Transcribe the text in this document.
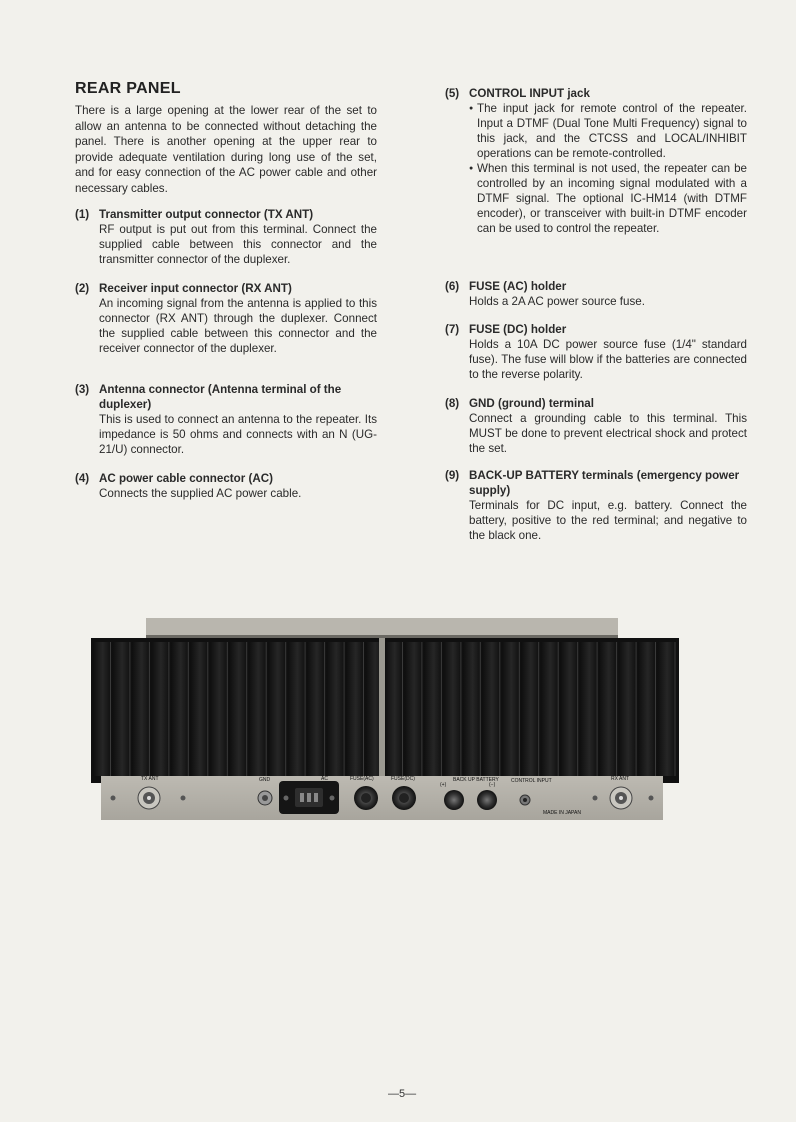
REAR PANEL

There is a large opening at the lower rear of the set to allow an antenna to be connected without detaching the panel. There is another opening at the upper rear to provide adequate ventilation during long use of the set, and for easy connection of the AC power cable and other necessary cables.

(1) Transmitter output connector (TX ANT)
RF output is put out from this terminal. Connect the supplied cable between this connector and the transmitter connector of the duplexer.
(2) Receiver input connector (RX ANT)
An incoming signal from the antenna is applied to this connector (RX ANT) through the duplexer. Connect the supplied cable between this connector and the receiver connector of the duplexer.
(3) Antenna connector (Antenna terminal of the duplexer)
This is used to connect an antenna to the repeater. Its impedance is 50 ohms and connects with an N (UG-21/U) connector.
(4) AC power cable connector (AC)
Connects the supplied AC power cable.
(5) CONTROL INPUT jack
● The input jack for remote control of the repeater. Input a DTMF (Dual Tone Multi Frequency) signal to this jack, and the CTCSS and LOCAL/INHIBIT operations can be remote-controlled.
● When this terminal is not used, the repeater can be controlled by an incoming signal modulated with a DTMF signal. The optional IC-HM14 (with DTMF encoder), or transceiver with built-in DTMF encoder can be used to control the repeater.
(6) FUSE (AC) holder
Holds a 2A AC power source fuse.
(7) FUSE (DC) holder
Holds a 10A DC power source fuse (1/4" standard fuse). The fuse will blow if the batteries are connected to the reverse polarity.
(8) GND (ground) terminal
Connect a grounding cable to this terminal. This MUST be done to prevent electrical shock and protect the set.
(9) BACK-UP BATTERY terminals (emergency power supply)
Terminals for DC input, e.g. battery. Connect the battery, positive to the red terminal; and negative to the black one.
TX ANT	GND	AC	FUSE(AC)	FUSE(DC)
(+)
BACK UP BATTERY
(−)
CONTROL INPUT
MADE IN JAPAN
RX ANT
—5—
